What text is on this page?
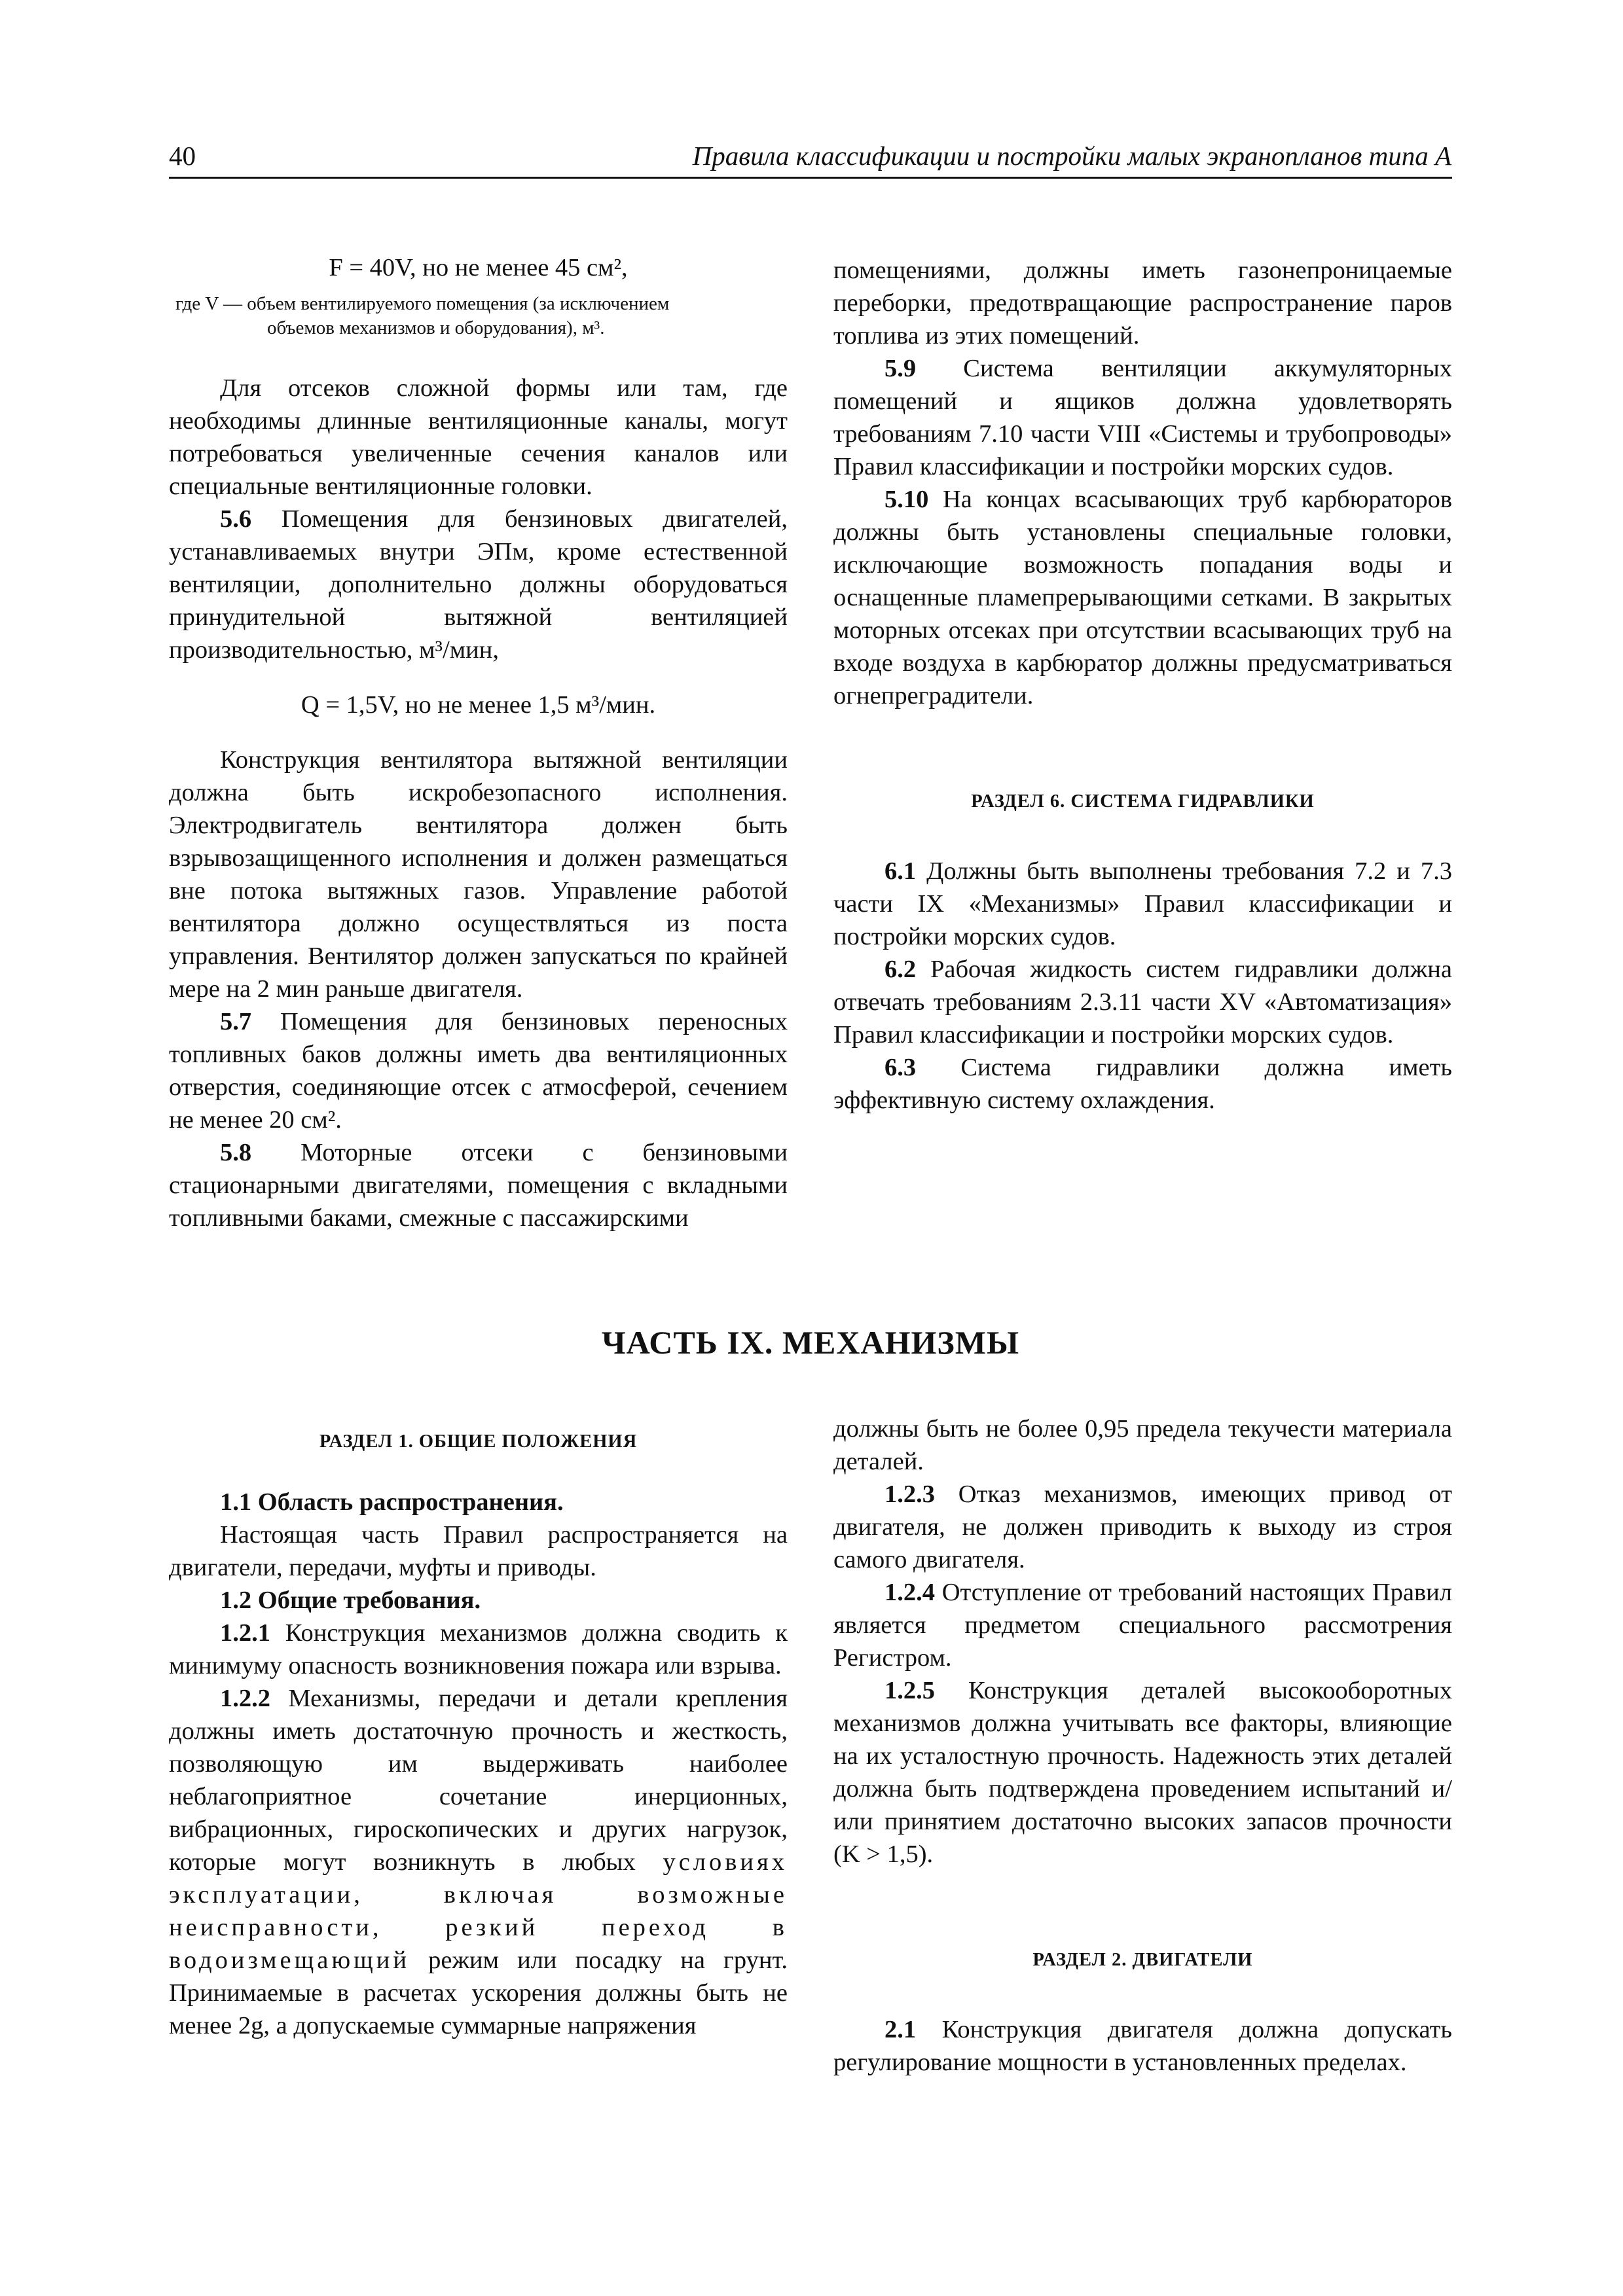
40	Правила классификации и постройки малых экранопланов типа А

F = 40V, но не менее 45 см²,

где V — объем вентилируемого помещения (за исключением

объемов механизмов и оборудования), м³.

Для отсеков сложной формы или там, где необходимы длинные вентиляционные каналы, могут потребоваться увеличенные сечения каналов или специальные вентиляционные головки.

5.6 Помещения для бензиновых двигателей, устанавливаемых внутри ЭПм, кроме естественной вентиляции, дополнительно должны оборудоваться принудительной вытяжной вентиляцией производительностью, м³/мин,

Q = 1,5V, но не менее 1,5 м³/мин.

Конструкция вентилятора вытяжной вентиляции должна быть искробезопасного исполнения. Электродвигатель вентилятора должен быть взрывозащищенного исполнения и должен размещаться вне потока вытяжных газов. Управление работой вентилятора должно осуществляться из поста управления. Вентилятор должен запускаться по крайней мере на 2 мин раньше двигателя.

5.7 Помещения для бензиновых переносных топливных баков должны иметь два вентиляционных отверстия, соединяющие отсек с атмосферой, сечением не менее 20 см².

5.8 Моторные отсеки с бензиновыми стационарными двигателями, помещения с вкладными топливными баками, смежные с пассажирскими

помещениями, должны иметь газонепроницаемые переборки, предотвращающие распространение паров топлива из этих помещений.

5.9 Система вентиляции аккумуляторных помещений и ящиков должна удовлетворять требованиям 7.10 части VIII «Системы и трубопроводы» Правил классификации и постройки морских судов.

5.10 На концах всасывающих труб карбюраторов должны быть установлены специальные головки, исключающие возможность попадания воды и оснащенные пламепрерывающими сетками. В закрытых моторных отсеках при отсутствии всасывающих труб на входе воздуха в карбюратор должны предусматриваться огнепреградители.

РАЗДЕЛ 6. СИСТЕМА ГИДРАВЛИКИ

6.1 Должны быть выполнены требования 7.2 и 7.3 части IX «Механизмы» Правил классификации и постройки морских судов.

6.2 Рабочая жидкость систем гидравлики должна отвечать требованиям 2.3.11 части XV «Автоматизация» Правил классификации и постройки морских судов.

6.3 Система гидравлики должна иметь эффективную систему охлаждения.

ЧАСТЬ IX. МЕХАНИЗМЫ

РАЗДЕЛ 1. ОБЩИЕ ПОЛОЖЕНИЯ

1.1 Область распространения.

Настоящая часть Правил распространяется на двигатели, передачи, муфты и приводы.

1.2 Общие требования.

1.2.1 Конструкция механизмов должна сводить к минимуму опасность возникновения пожара или взрыва.

1.2.2 Механизмы, передачи и детали крепления должны иметь достаточную прочность и жесткость, позволяющую им выдерживать наиболее неблагоприятное сочетание инерционных, вибрационных, гироскопических и других нагрузок, которые могут возникнуть в любых условиях эксплуатации, включая возможные неисправности, резкий переход в водоизмещающий режим или посадку на грунт. Принимаемые в расчетах ускорения должны быть не менее 2g, а допускаемые суммарные напряжения

должны быть не более 0,95 предела текучести материала деталей.

1.2.3 Отказ механизмов, имеющих привод от двигателя, не должен приводить к выходу из строя самого двигателя.

1.2.4 Отступление от требований настоящих Правил является предметом специального рассмотрения Регистром.

1.2.5 Конструкция деталей высокооборотных механизмов должна учитывать все факторы, влияющие на их усталостную прочность. Надежность этих деталей должна быть подтверждена проведением испытаний и/или принятием достаточно высоких запасов прочности (K > 1,5).

РАЗДЕЛ 2. ДВИГАТЕЛИ

2.1 Конструкция двигателя должна допускать регулирование мощности в установленных пределах.
